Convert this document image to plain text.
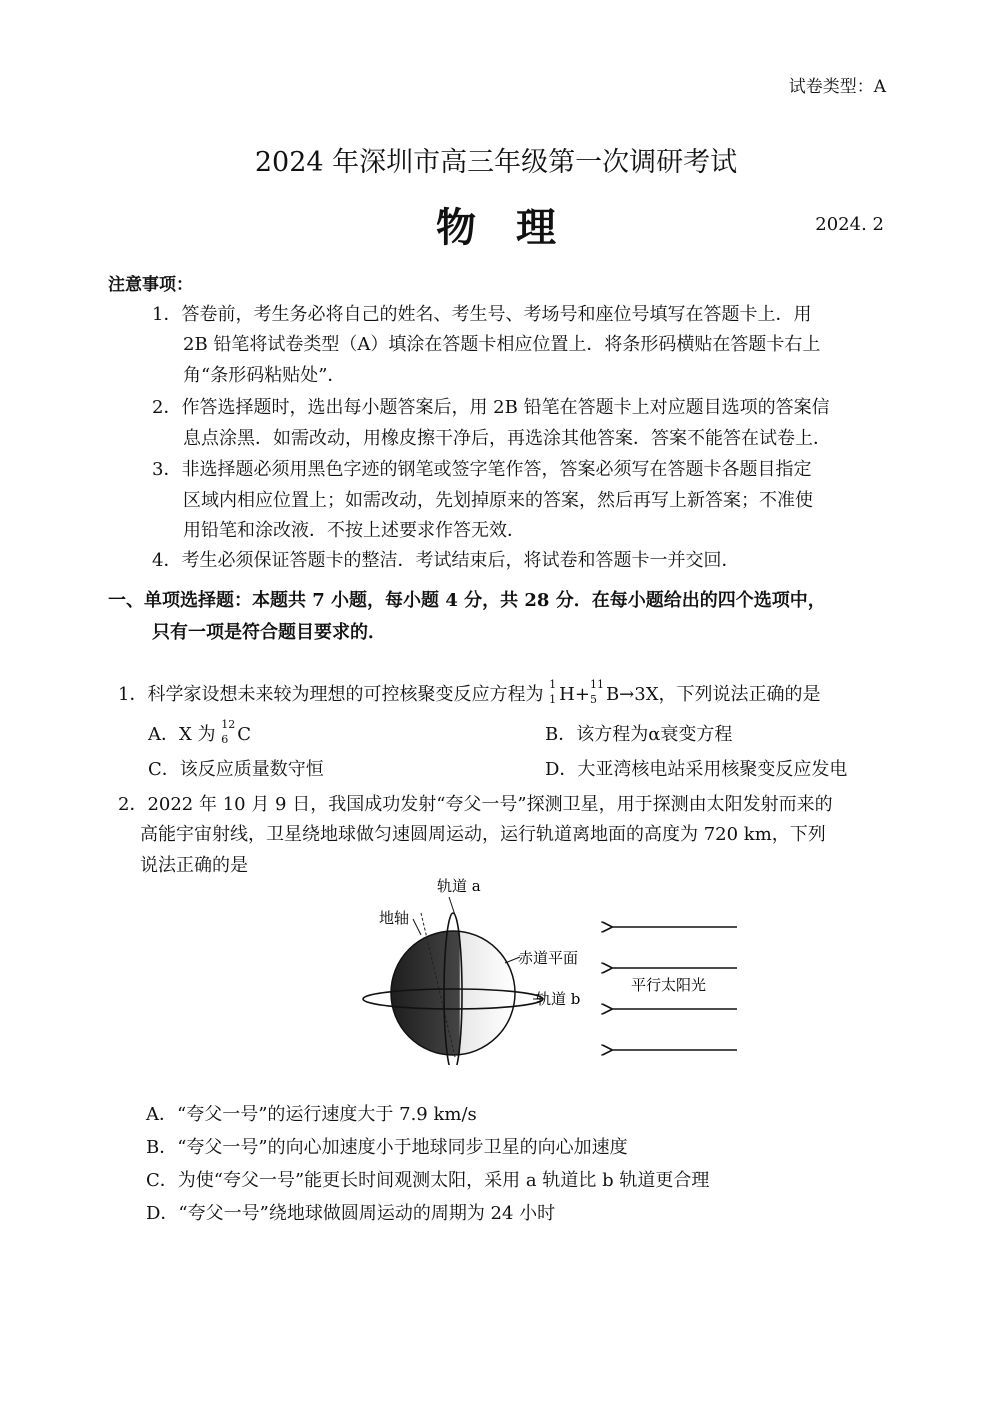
试卷类型：A
2024 年深圳市高三年级第一次调研考试
物理	2024. 2
注意事项：
1．答卷前，考生务必将自己的姓名、考生号、考场号和座位号填写在答题卡上．用
2B 铅笔将试卷类型（A）填涂在答题卡相应位置上．将条形码横贴在答题卡右上
角“条形码粘贴处”．
2．作答选择题时，选出每小题答案后，用 2B 铅笔在答题卡上对应题目选项的答案信
息点涂黑．如需改动，用橡皮擦干净后，再选涂其他答案．答案不能答在试卷上．
3．非选择题必须用黑色字迹的钢笔或签字笔作答，答案必须写在答题卡各题目指定
区域内相应位置上；如需改动，先划掉原来的答案，然后再写上新答案；不准使
用铅笔和涂改液．不按上述要求作答无效．
4．考生必须保证答题卡的整洁．考试结束后，将试卷和答题卡一并交回．
一、单项选择题：本题共 7 小题，每小题 4 分，共 28 分．在每小题给出的四个选项中，
只有一项是符合题目要求的．
1．科学家设想未来较为理想的可控核聚变反应方程为 1
1 H+ 11
5 B→3X，下列说法正确的是
A．X 为 12
6 C	B．该方程为α衰变方程
C．该反应质量数守恒	D．大亚湾核电站采用核聚变反应发电
2．2022 年 10 月 9 日，我国成功发射“夸父一号”探测卫星，用于探测由太阳发射而来的
高能宇宙射线，卫星绕地球做匀速圆周运动，运行轨道离地面的高度为 720 km，下列
说法正确的是
轨道 a
地轴
赤道平面
轨道 b
平行太阳光
A．“夸父一号”的运行速度大于 7.9 km/s
B．“夸父一号”的向心加速度小于地球同步卫星的向心加速度
C．为使“夸父一号”能更长时间观测太阳，采用 a 轨道比 b 轨道更合理
D．“夸父一号”绕地球做圆周运动的周期为 24 小时
